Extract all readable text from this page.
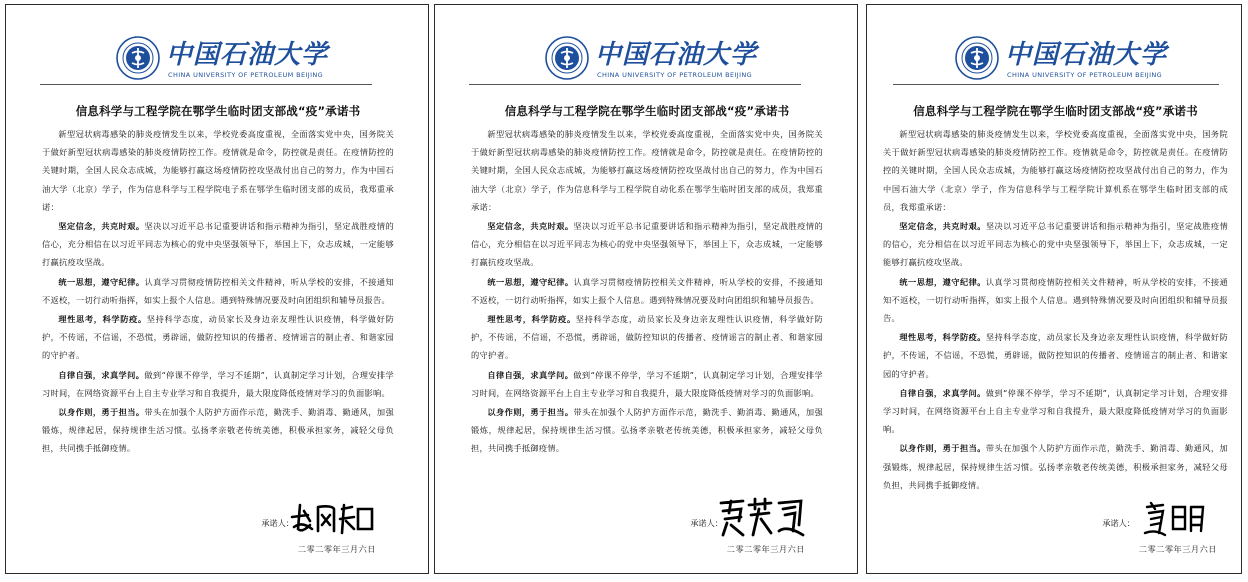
中国石油大学
CHINA UNIVERSITY OF PETROLEUM BEIJING
信息科学与工程学院在鄂学生临时团支部战“疫”承诺书

新型冠状病毒感染的肺炎疫情发生以来，学校党委高度重视，全面落实党中央，国务院关于做好新型冠状病毒感染的肺炎疫情防控工作。疫情就是命令，防控就是责任。在疫情防控的关键时期，全国人民众志成城，为能够打赢这场疫情防控攻坚战付出自己的努力，作为中国石油大学（北京）学子，作为信息科学与工程学院电子系在鄂学生临时团支部的成员，我郑重承诺：

坚定信念，共克时艰。坚决以习近平总书记重要讲话和指示精神为指引，坚定战胜疫情的信心，充分相信在以习近平同志为核心的党中央坚强领导下，举国上下，众志成城，一定能够打赢抗疫攻坚战。

统一思想，遵守纪律。认真学习贯彻疫情防控相关文件精神，听从学校的安排，不接通知不返校，一切行动听指挥，如实上报个人信息。遇到特殊情况要及时向团组织和辅导员报告。

理性思考，科学防疫。坚持科学态度，动员家长及身边亲友理性认识疫情，科学做好防护，不传谣，不信谣，不恐慌，勇辟谣，做防控知识的传播者、疫情谣言的制止者、和谐家园的守护者。

自律自强，求真学问。做到“停课不停学，学习不延期”，认真制定学习计划，合理安排学习时间，在网络资源平台上自主专业学习和自我提升，最大限度降低疫情对学习的负面影响。

以身作则，勇于担当。带头在加强个人防护方面作示范，勤洗手、勤消毒、勤通风，加强锻炼，规律起居，保持规律生活习惯。弘扬孝亲敬老传统美德，积极承担家务，减轻父母负担，共同携手抵御疫情。

承诺人：
二零二零年三月六日
中国石油大学
CHINA UNIVERSITY OF PETROLEUM BEIJING
信息科学与工程学院在鄂学生临时团支部战“疫”承诺书

新型冠状病毒感染的肺炎疫情发生以来，学校党委高度重视，全面落实党中央，国务院关于做好新型冠状病毒感染的肺炎疫情防控工作。疫情就是命令，防控就是责任。在疫情防控的关键时期，全国人民众志成城，为能够打赢这场疫情防控攻坚战付出自己的努力，作为中国石油大学（北京）学子，作为信息科学与工程学院自动化系在鄂学生临时团支部的成员，我郑重承诺：

坚定信念，共克时艰。坚决以习近平总书记重要讲话和指示精神为指引，坚定战胜疫情的信心，充分相信在以习近平同志为核心的党中央坚强领导下，举国上下，众志成城，一定能够打赢抗疫攻坚战。

统一思想，遵守纪律。认真学习贯彻疫情防控相关文件精神，听从学校的安排，不接通知不返校，一切行动听指挥，如实上报个人信息。遇到特殊情况要及时向团组织和辅导员报告。

理性思考，科学防疫。坚持科学态度，动员家长及身边亲友理性认识疫情，科学做好防护，不传谣，不信谣，不恐慌，勇辟谣，做防控知识的传播者、疫情谣言的制止者、和谐家园的守护者。

自律自强，求真学问。做到“停课不停学，学习不延期”，认真制定学习计划，合理安排学习时间，在网络资源平台上自主专业学习和自我提升，最大限度降低疫情对学习的负面影响。

以身作则，勇于担当。带头在加强个人防护方面作示范，勤洗手、勤消毒、勤通风，加强锻炼，规律起居，保持规律生活习惯。弘扬孝亲敬老传统美德，积极承担家务，减轻父母负担，共同携手抵御疫情。

承诺人：
二零二零年三月六日
中国石油大学
CHINA UNIVERSITY OF PETROLEUM BEIJING
信息科学与工程学院在鄂学生临时团支部战“疫”承诺书

新型冠状病毒感染的肺炎疫情发生以来，学校党委高度重视，全面落实党中央，国务院关于做好新型冠状病毒感染的肺炎疫情防控工作。疫情就是命令，防控就是责任。在疫情防控的关键时期，全国人民众志成城，为能够打赢这场疫情防控攻坚战付出自己的努力，作为中国石油大学（北京）学子，作为信息科学与工程学院计算机系在鄂学生临时团支部的成员，我郑重承诺：

坚定信念，共克时艰。坚决以习近平总书记重要讲话和指示精神为指引，坚定战胜疫情的信心，充分相信在以习近平同志为核心的党中央坚强领导下，举国上下，众志成城，一定能够打赢抗疫攻坚战。

统一思想，遵守纪律。认真学习贯彻疫情防控相关文件精神，听从学校的安排，不接通知不返校，一切行动听指挥，如实上报个人信息。遇到特殊情况要及时向团组织和辅导员报告。

理性思考，科学防疫。坚持科学态度，动员家长及身边亲友理性认识疫情，科学做好防护，不传谣，不信谣，不恐慌，勇辟谣，做防控知识的传播者、疫情谣言的制止者、和谐家园的守护者。

自律自强，求真学问。做到“停课不停学，学习不延期”，认真制定学习计划，合理安排学习时间，在网络资源平台上自主专业学习和自我提升，最大限度降低疫情对学习的负面影响。

以身作则，勇于担当。带头在加强个人防护方面作示范，勤洗手、勤消毒、勤通风，加强锻炼，规律起居，保持规律生活习惯。弘扬孝亲敬老传统美德，积极承担家务，减轻父母负担，共同携手抵御疫情。

承诺人：
二零二零年三月六日
